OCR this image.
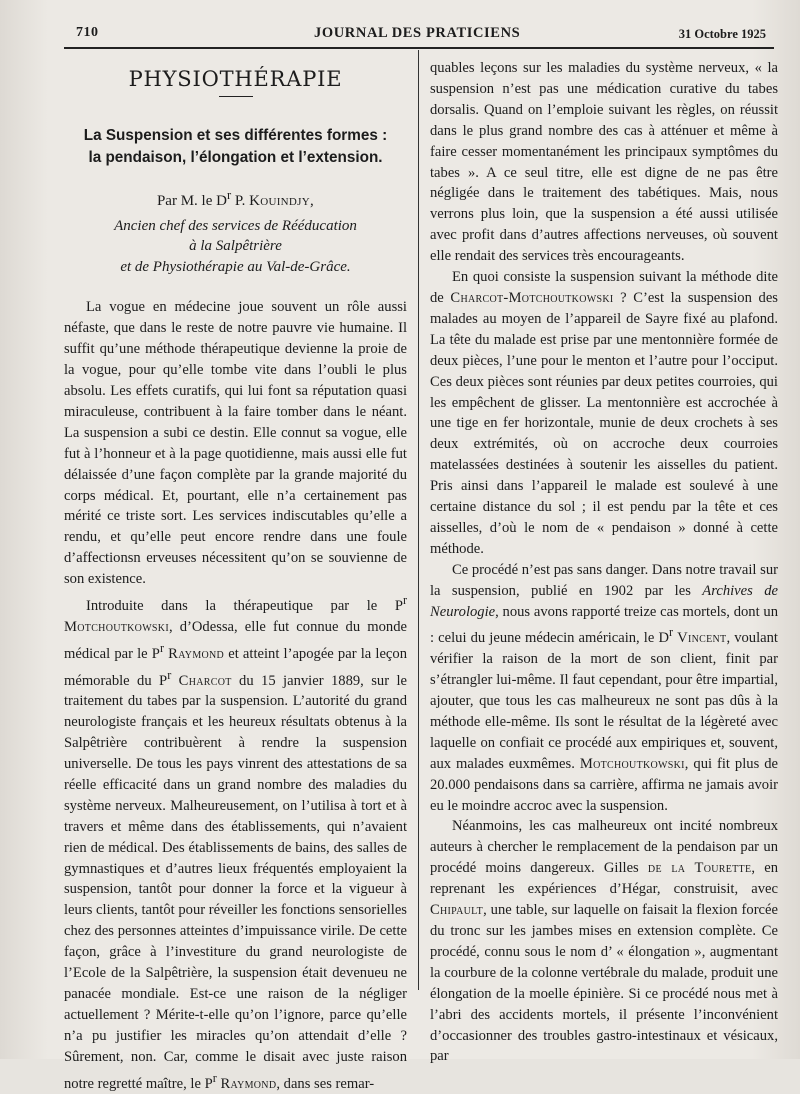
710	JOURNAL DES PRATICIENS	31 Octobre 1925
PHYSIOTHÉRAPIE
La Suspension et ses différentes formes :
la pendaison, l’élongation et l’extension.
Par M. le $D^r$ P. Kouindjy,
Ancien chef des services de Rééducation
à la Salpêtrière
et de Physiothérapie au Val-de-Grâce.

La vogue en médecine joue souvent un rôle aussi néfaste, que dans le reste de notre pauvre vie humaine. Il suffit qu’une méthode thérapeutique devienne la proie de la vogue, pour qu’elle tombe vite dans l’oubli le plus absolu. Les effets curatifs, qui lui font sa réputation quasi miraculeuse, contribuent à la faire tomber dans le néant. La suspension a subi ce destin. Elle connut sa vogue, elle fut à l’honneur et à la page quotidienne, mais aussi elle fut délaissée d’une façon complète par la grande majorité du corps médical. Et, pourtant, elle n’a certainement pas mérité ce triste sort. Les services indiscutables qu’elle a rendu, et qu’elle peut encore rendre dans une foule d’affectionsn erveuses nécessitent qu’on se souvienne de son existence.

Introduite dans la thérapeutique par le $P^r$ Motchoutkowski, d’Odessa, elle fut connue du monde médical par le $P^r$ Raymond et atteint l’apogée par la leçon mémorable du $P^r$ Charcot du 15 janvier 1889, sur le traitement du tabes par la suspension. L’autorité du grand neurologiste français et les heureux résultats obtenus à la Salpêtrière contribuèrent à rendre la suspension universelle. De tous les pays vinrent des attestations de sa réelle efficacité dans un grand nombre des maladies du système nerveux. Malheureusement, on l’utilisa à tort et à travers et même dans des établissements, qui n’avaient rien de médical. Des établissements de bains, des salles de gymnastiques et d’autres lieux fréquentés employaient la suspension, tantôt pour donner la force et la vigueur à leurs clients, tantôt pour réveiller les fonctions sensorielles chez des personnes atteintes d’impuissance virile. De cette façon, grâce à l’investiture du grand neurologiste de l’Ecole de la Salpêtrière, la suspension était devenueu ne panacée mondiale. Est-ce une raison de la négliger actuellement ? Mérite-t-elle qu’on l’ignore, parce qu’elle n’a pu justifier les miracles qu’on attendait d’elle ? Sûrement, non. Car, comme le disait avec juste raison notre regretté maître, le $P^r$ Raymond, dans ses remar-

quables leçons sur les maladies du système nerveux, « la suspension n’est pas une médication curative du tabes dorsalis. Quand on l’emploie suivant les règles, on réussit dans le plus grand nombre des cas à atténuer et même à faire cesser momentanément les principaux symptômes du tabes ». A ce seul titre, elle est digne de ne pas être négligée dans le traitement des tabétiques. Mais, nous verrons plus loin, que la suspension a été aussi utilisée avec profit dans d’autres affections nerveuses, où souvent elle rendait des services très encourageants.

En quoi consiste la suspension suivant la méthode dite de Charcot-Motchoutkowski ? C’est la suspension des malades au moyen de l’appareil de Sayre fixé au plafond. La tête du malade est prise par une mentonnière formée de deux pièces, l’une pour le menton et l’autre pour l’occiput. Ces deux pièces sont réunies par deux petites courroies, qui les empêchent de glisser. La mentonnière est accrochée à une tige en fer horizontale, munie de deux crochets à ses deux extrémités, où on accroche deux courroies matelassées destinées à soutenir les aisselles du patient. Pris ainsi dans l’appareil le malade est soulevé à une certaine distance du sol ; il est pendu par la tête et ces aisselles, d’où le nom de « pendaison » donné à cette méthode.

Ce procédé n’est pas sans danger. Dans notre travail sur la suspension, publié en 1902 par les Archives de Neurologie, nous avons rapporté treize cas mortels, dont un : celui du jeune médecin américain, le $D^r$ Vincent, voulant vérifier la raison de la mort de son client, finit par s’étrangler lui-même. Il faut cependant, pour être impartial, ajouter, que tous les cas malheureux ne sont pas dûs à la méthode elle-même. Ils sont le résultat de la légèreté avec laquelle on confiait ce procédé aux empiriques et, souvent, aux malades euxmêmes. Motchoutkowski, qui fit plus de 20.000 pendaisons dans sa carrière, affirma ne jamais avoir eu le moindre accroc avec la suspension.

Néanmoins, les cas malheureux ont incité nombreux auteurs à chercher le remplacement de la pendaison par un procédé moins dangereux. Gilles de la Tourette, en reprenant les expériences d’Hégar, construisit, avec Chipault, une table, sur laquelle on faisait la flexion forcée du tronc sur les jambes mises en extension complète. Ce procédé, connu sous le nom d’ « élongation », augmentant la courbure de la colonne vertébrale du malade, produit une élongation de la moelle épinière. Si ce procédé nous met à l’abri des accidents mortels, il présente l’inconvénient d’occasionner des troubles gastro-intestinaux et vésicaux, par
